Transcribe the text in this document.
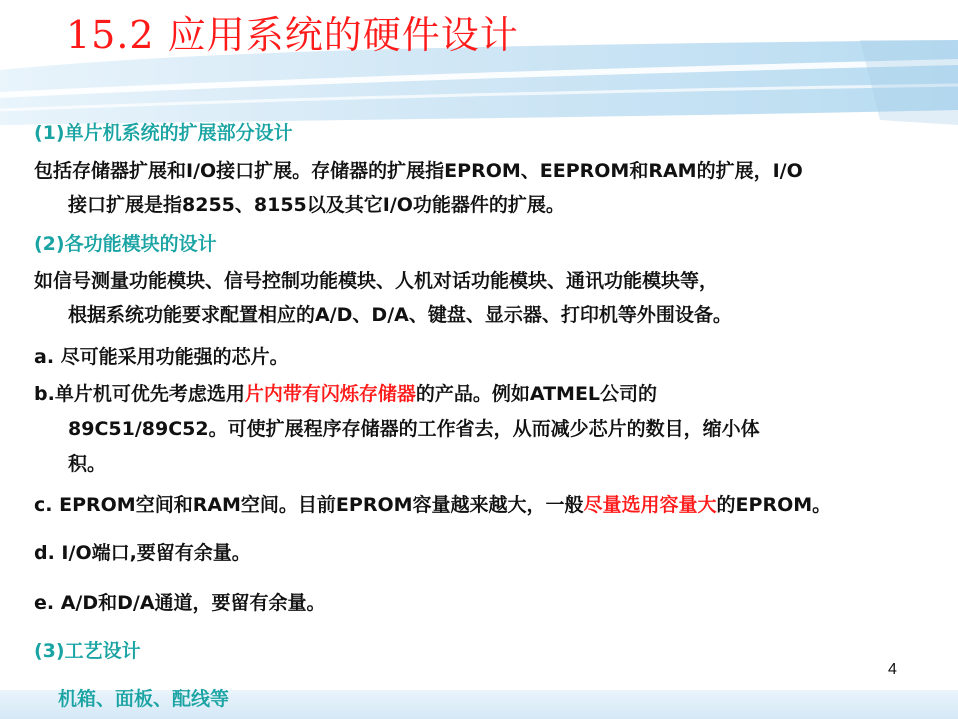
15.2 应用系统的硬件设计
(1)单片机系统的扩展部分设计
包括存储器扩展和I/O接口扩展。存储器的扩展指EPROM、EEPROM和RAM的扩展，I/O
接口扩展是指8255、8155以及其它I/O功能器件的扩展。
(2)各功能模块的设计
如信号测量功能模块、信号控制功能模块、人机对话功能模块、通讯功能模块等，
根据系统功能要求配置相应的A/D、D/A、键盘、显示器、打印机等外围设备。
a. 尽可能采用功能强的芯片。
b.单片机可优先考虑选用片内带有闪烁存储器的产品。例如ATMEL公司的
89C51/89C52。可使扩展程序存储器的工作省去，从而减少芯片的数目，缩小体
积。
c. EPROM空间和RAM空间。目前EPROM容量越来越大，一般尽量选用容量大的EPROM。
d. I/O端口,要留有余量。
e. A/D和D/A通道，要留有余量。
(3)工艺设计
机箱、面板、配线等
4
